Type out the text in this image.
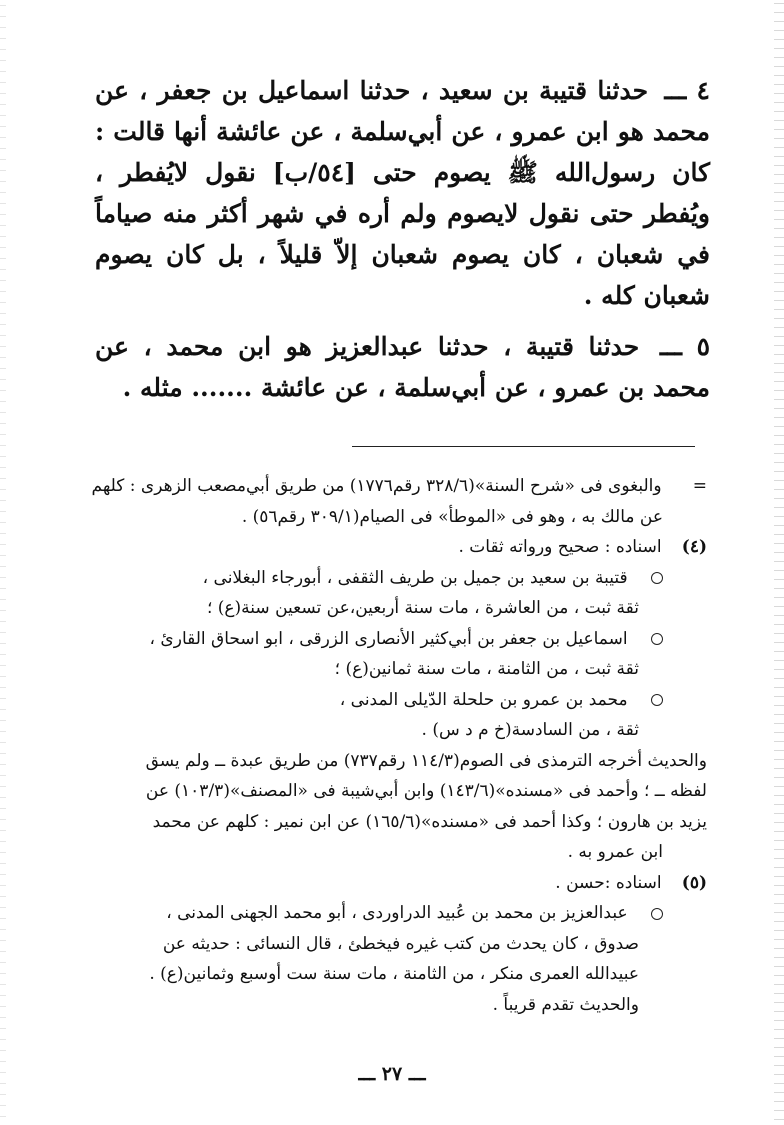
٤ ـــ حدثنا قتيبة بن سعيد ، حدثنا اسماعيل بن جعفر ، عن محمد هو ابن عمرو ، عن أبي‌سلمة ، عن عائشة أنها قالت : كان رسول‌الله ﷺ يصوم حتى [٥٤/ب] نقول لايُفطر ، ويُفطر حتى نقول لايصوم ولم أره في شهر أكثر منه صياماً في شعبان ، كان يصوم شعبان إلاّ قليلاً ، بل كان يصوم شعبان كله .

٥ ـــ حدثنا قتيبة ، حدثنا عبدالعزيز هو ابن محمد ، عن محمد بن عمرو ، عن أبي‌سلمة ، عن عائشة ....... مثله .

= والبغوى فى «شرح السنة»(٣٢٨/٦ رقم١٧٧٦) من طريق أبي‌مصعب الزهرى : كلهم
عن مالك به ، وهو فى «الموطأ» فى الصيام(٣٠٩/١ رقم٥٦) .
(٤) اسناده : صحيح ورواته ثقات .
قتيبة بن سعيد بن جميل بن طريف الثقفى ، أبورجاء البغلانى ،
ثقة ثبت ، من العاشرة ، مات سنة أربعين،عن تسعين سنة(ع) ؛
اسماعيل بن جعفر بن أبي‌كثير الأنصارى الزرقى ، ابو اسحاق القارئ ،
ثقة ثبت ، من الثامنة ، مات سنة ثمانين(ع) ؛
محمد بن عمرو بن حلحلة الدّيلى المدنى ،
ثقة ، من السادسة(خ م د س) .
والحديث أخرجه الترمذى فى الصوم(١١٤/٣ رقم٧٣٧) من طريق عبدة ــ ولم يسق
لفظه ــ ؛ وأحمد فى «مسنده»(١٤٣/٦) وابن أبي‌شيبة فى «المصنف»(١٠٣/٣) عن
يزيد بن هارون ؛ وكذا أحمد فى «مسنده»(١٦٥/٦) عن ابن نمير : كلهم عن محمد
ابن عمرو به .
(٥) اسناده :حسن .
عبدالعزيز بن محمد بن عُبيد الدراوردى ، أبو محمد الجهنى المدنى ،
صدوق ، كان يحدث من كتب غيره فيخطئ ، قال النسائى : حديثه عن
عبيدالله العمرى منكر ، من الثامنة ، مات سنة ست أوسبع وثمانين(ع) .
والحديث تقدم قريباً .
ـــ ٢٧ ـــ
